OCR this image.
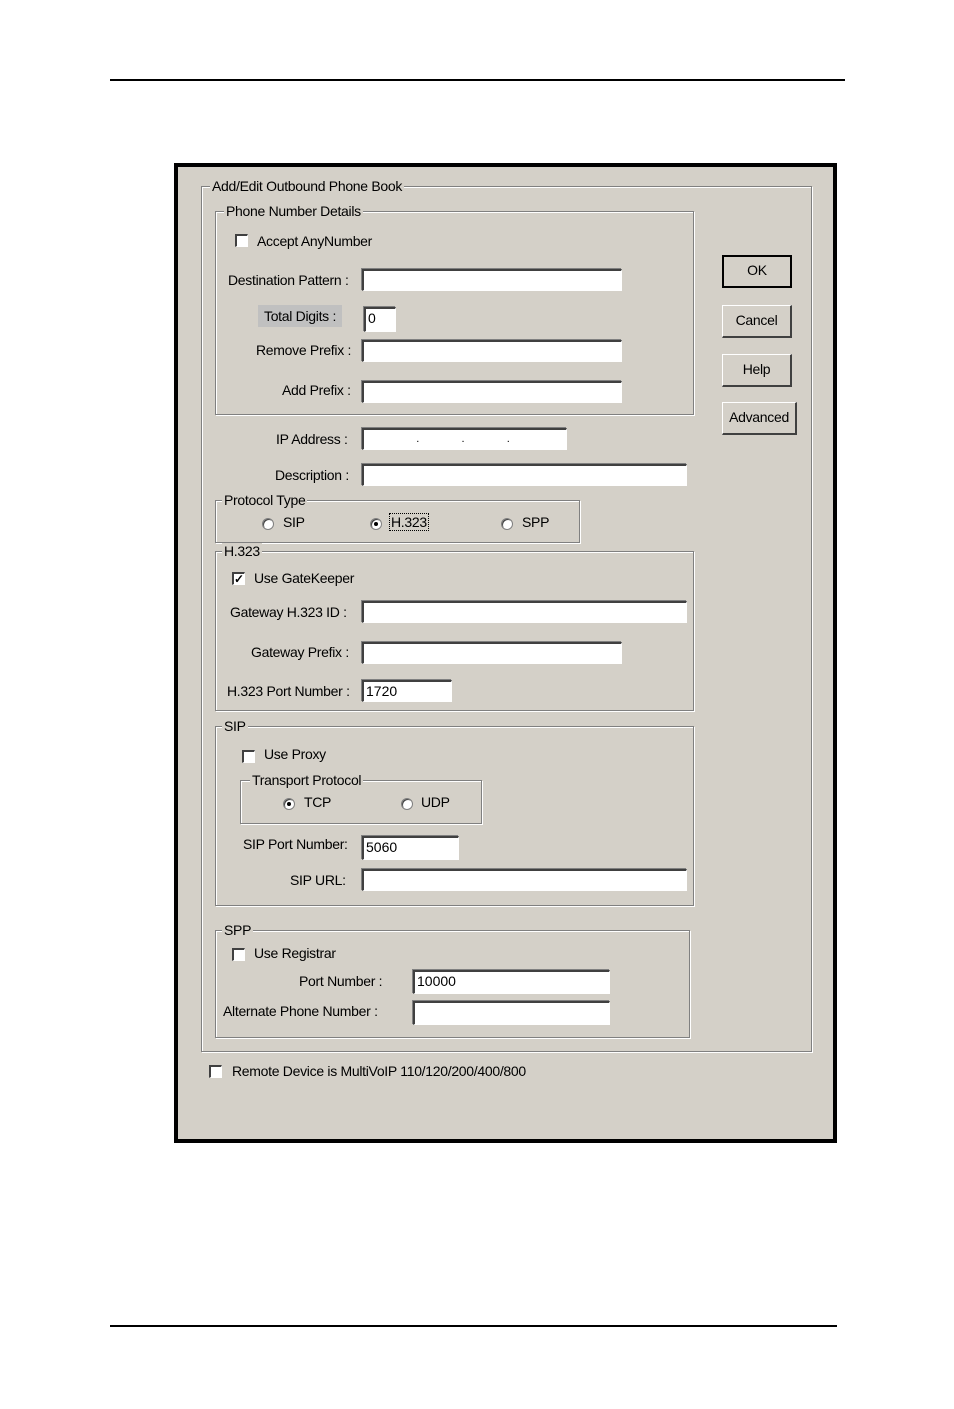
Add/Edit Outbound Phone Book
Phone Number Details
Accept AnyNumber
Destination Pattern :
Total Digits :	0
Remove Prefix :
Add Prefix :
IP Address :	.    .    .
Description :
Protocol Type
SIP	H.323	SPP
H.323
✓ Use GateKeeper
Gateway H.323 ID :
Gateway Prefix :
H.323 Port Number : 1720
SIP
Use Proxy
Transport Protocol
TCP	UDP
SIP Port Number: 5060
SIP URL:
SPP
Use Registrar
Port Number : 10000
Alternate Phone Number :
Remote Device is MultiVoIP 110/120/200/400/800
OK
Cancel
Help
Advanced
